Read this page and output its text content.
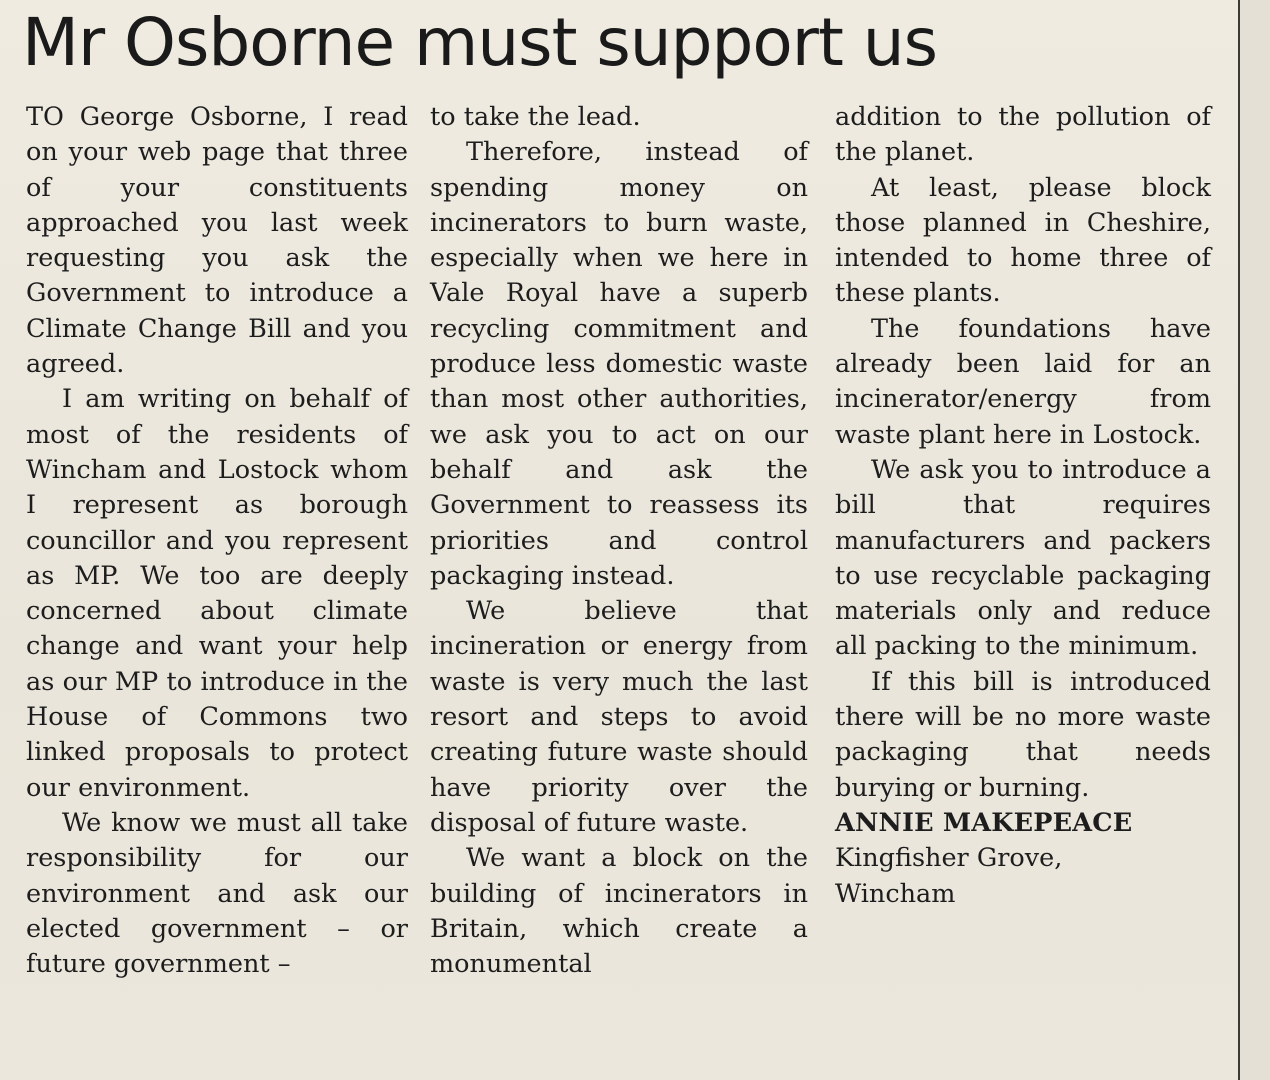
Mr Osborne must support us

TO George Osborne, I read on your web page that three of your constituents approached you last week requesting you ask the Government to introduce a Climate Change Bill and you agreed.

I am writing on behalf of most of the residents of Wincham and Lostock whom I represent as borough councillor and you represent as MP. We too are deeply concerned about climate change and want your help as our MP to introduce in the House of Commons two linked proposals to protect our environment.

We know we must all take responsibility for our environment and ask our elected government – or future government –

to take the lead.

Therefore, instead of spending money on incinerators to burn waste, especially when we here in Vale Royal have a superb recycling commitment and produce less domestic waste than most other authorities, we ask you to act on our behalf and ask the Government to reassess its priorities and control packaging instead.

We believe that incineration or energy from waste is very much the last resort and steps to avoid creating future waste should have priority over the disposal of future waste.

We want a block on the building of incinerators in Britain, which create a monumental

addition to the pollution of the planet.

At least, please block those planned in Cheshire, intended to home three of these plants.

The foundations have already been laid for an incinerator/energy from waste plant here in Lostock.

We ask you to introduce a bill that requires manufacturers and packers to use recyclable packaging materials only and reduce all packing to the minimum.

If this bill is introduced there will be no more waste packaging that needs burying or burning.

ANNIE MAKEPEACE

Kingfisher Grove,

Wincham
